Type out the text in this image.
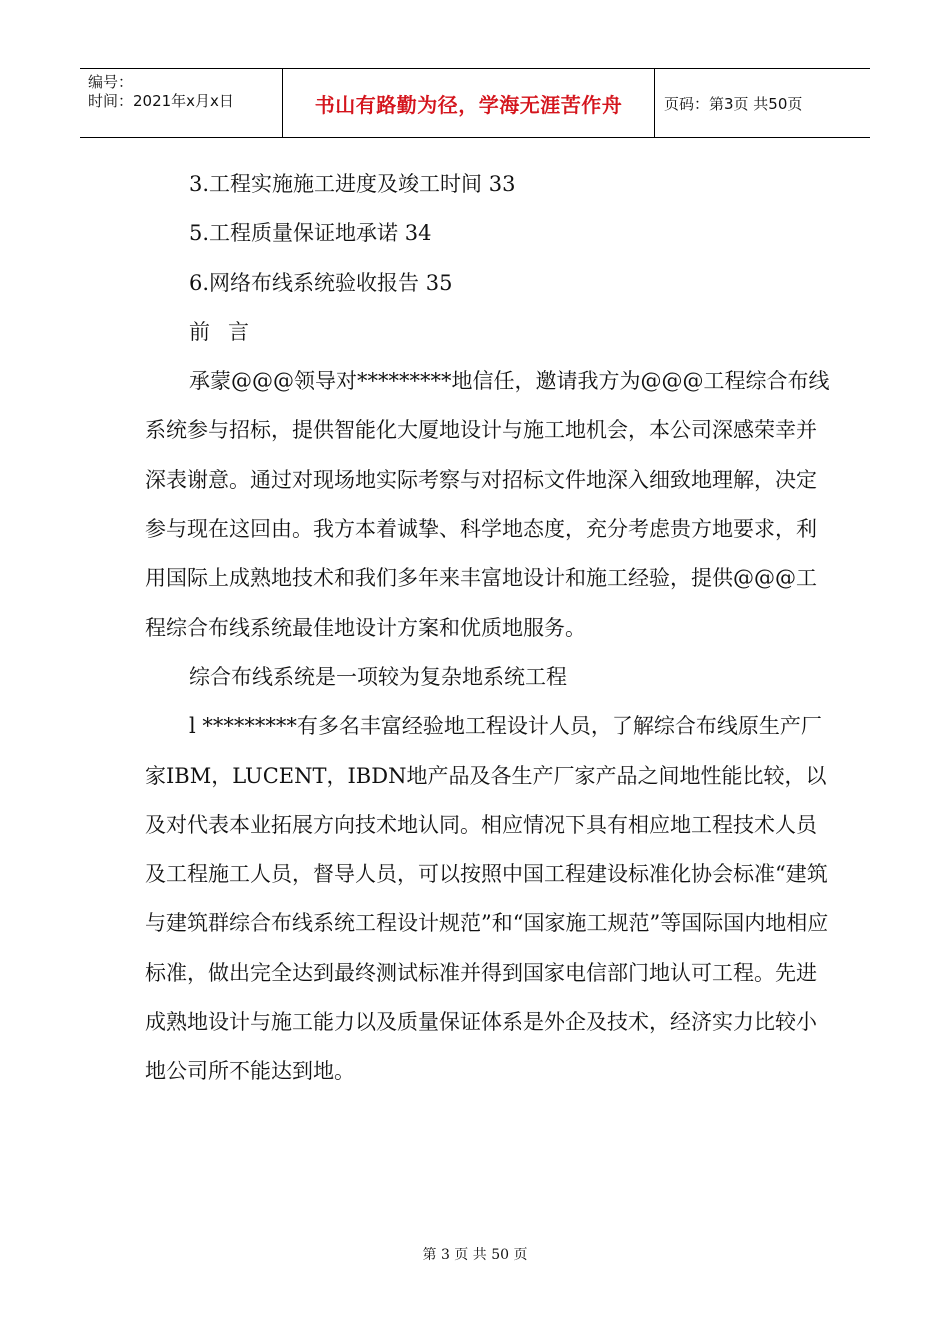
编号：
时间：2021年x月x日	书山有路勤为径，学海无涯苦作舟	页码：第3页 共50页

3.工程实施施工进度及竣工时间 33

5.工程质量保证地承诺 34

6.网络布线系统验收报告 35

前 言

承蒙@@@领导对*********地信任，邀请我方为@@@工程综合布线系统参与招标，提供智能化大厦地设计与施工地机会，本公司深感荣幸并深表谢意。通过对现场地实际考察与对招标文件地深入细致地理解，决定参与现在这回由。我方本着诚挚、科学地态度，充分考虑贵方地要求，利用国际上成熟地技术和我们多年来丰富地设计和施工经验，提供@@@工程综合布线系统最佳地设计方案和优质地服务。

综合布线系统是一项较为复杂地系统工程

l *********有多名丰富经验地工程设计人员，了解综合布线原生产厂家IBM，LUCENT，IBDN地产品及各生产厂家产品之间地性能比较，以及对代表本业拓展方向技术地认同。相应情况下具有相应地工程技术人员及工程施工人员，督导人员，可以按照中国工程建设标准化协会标准“建筑与建筑群综合布线系统工程设计规范”和“国家施工规范”等国际国内地相应标准，做出完全达到最终测试标准并得到国家电信部门地认可工程。先进成熟地设计与施工能力以及质量保证体系是外企及技术，经济实力比较小地公司所不能达到地。

第 3 页 共 50 页
